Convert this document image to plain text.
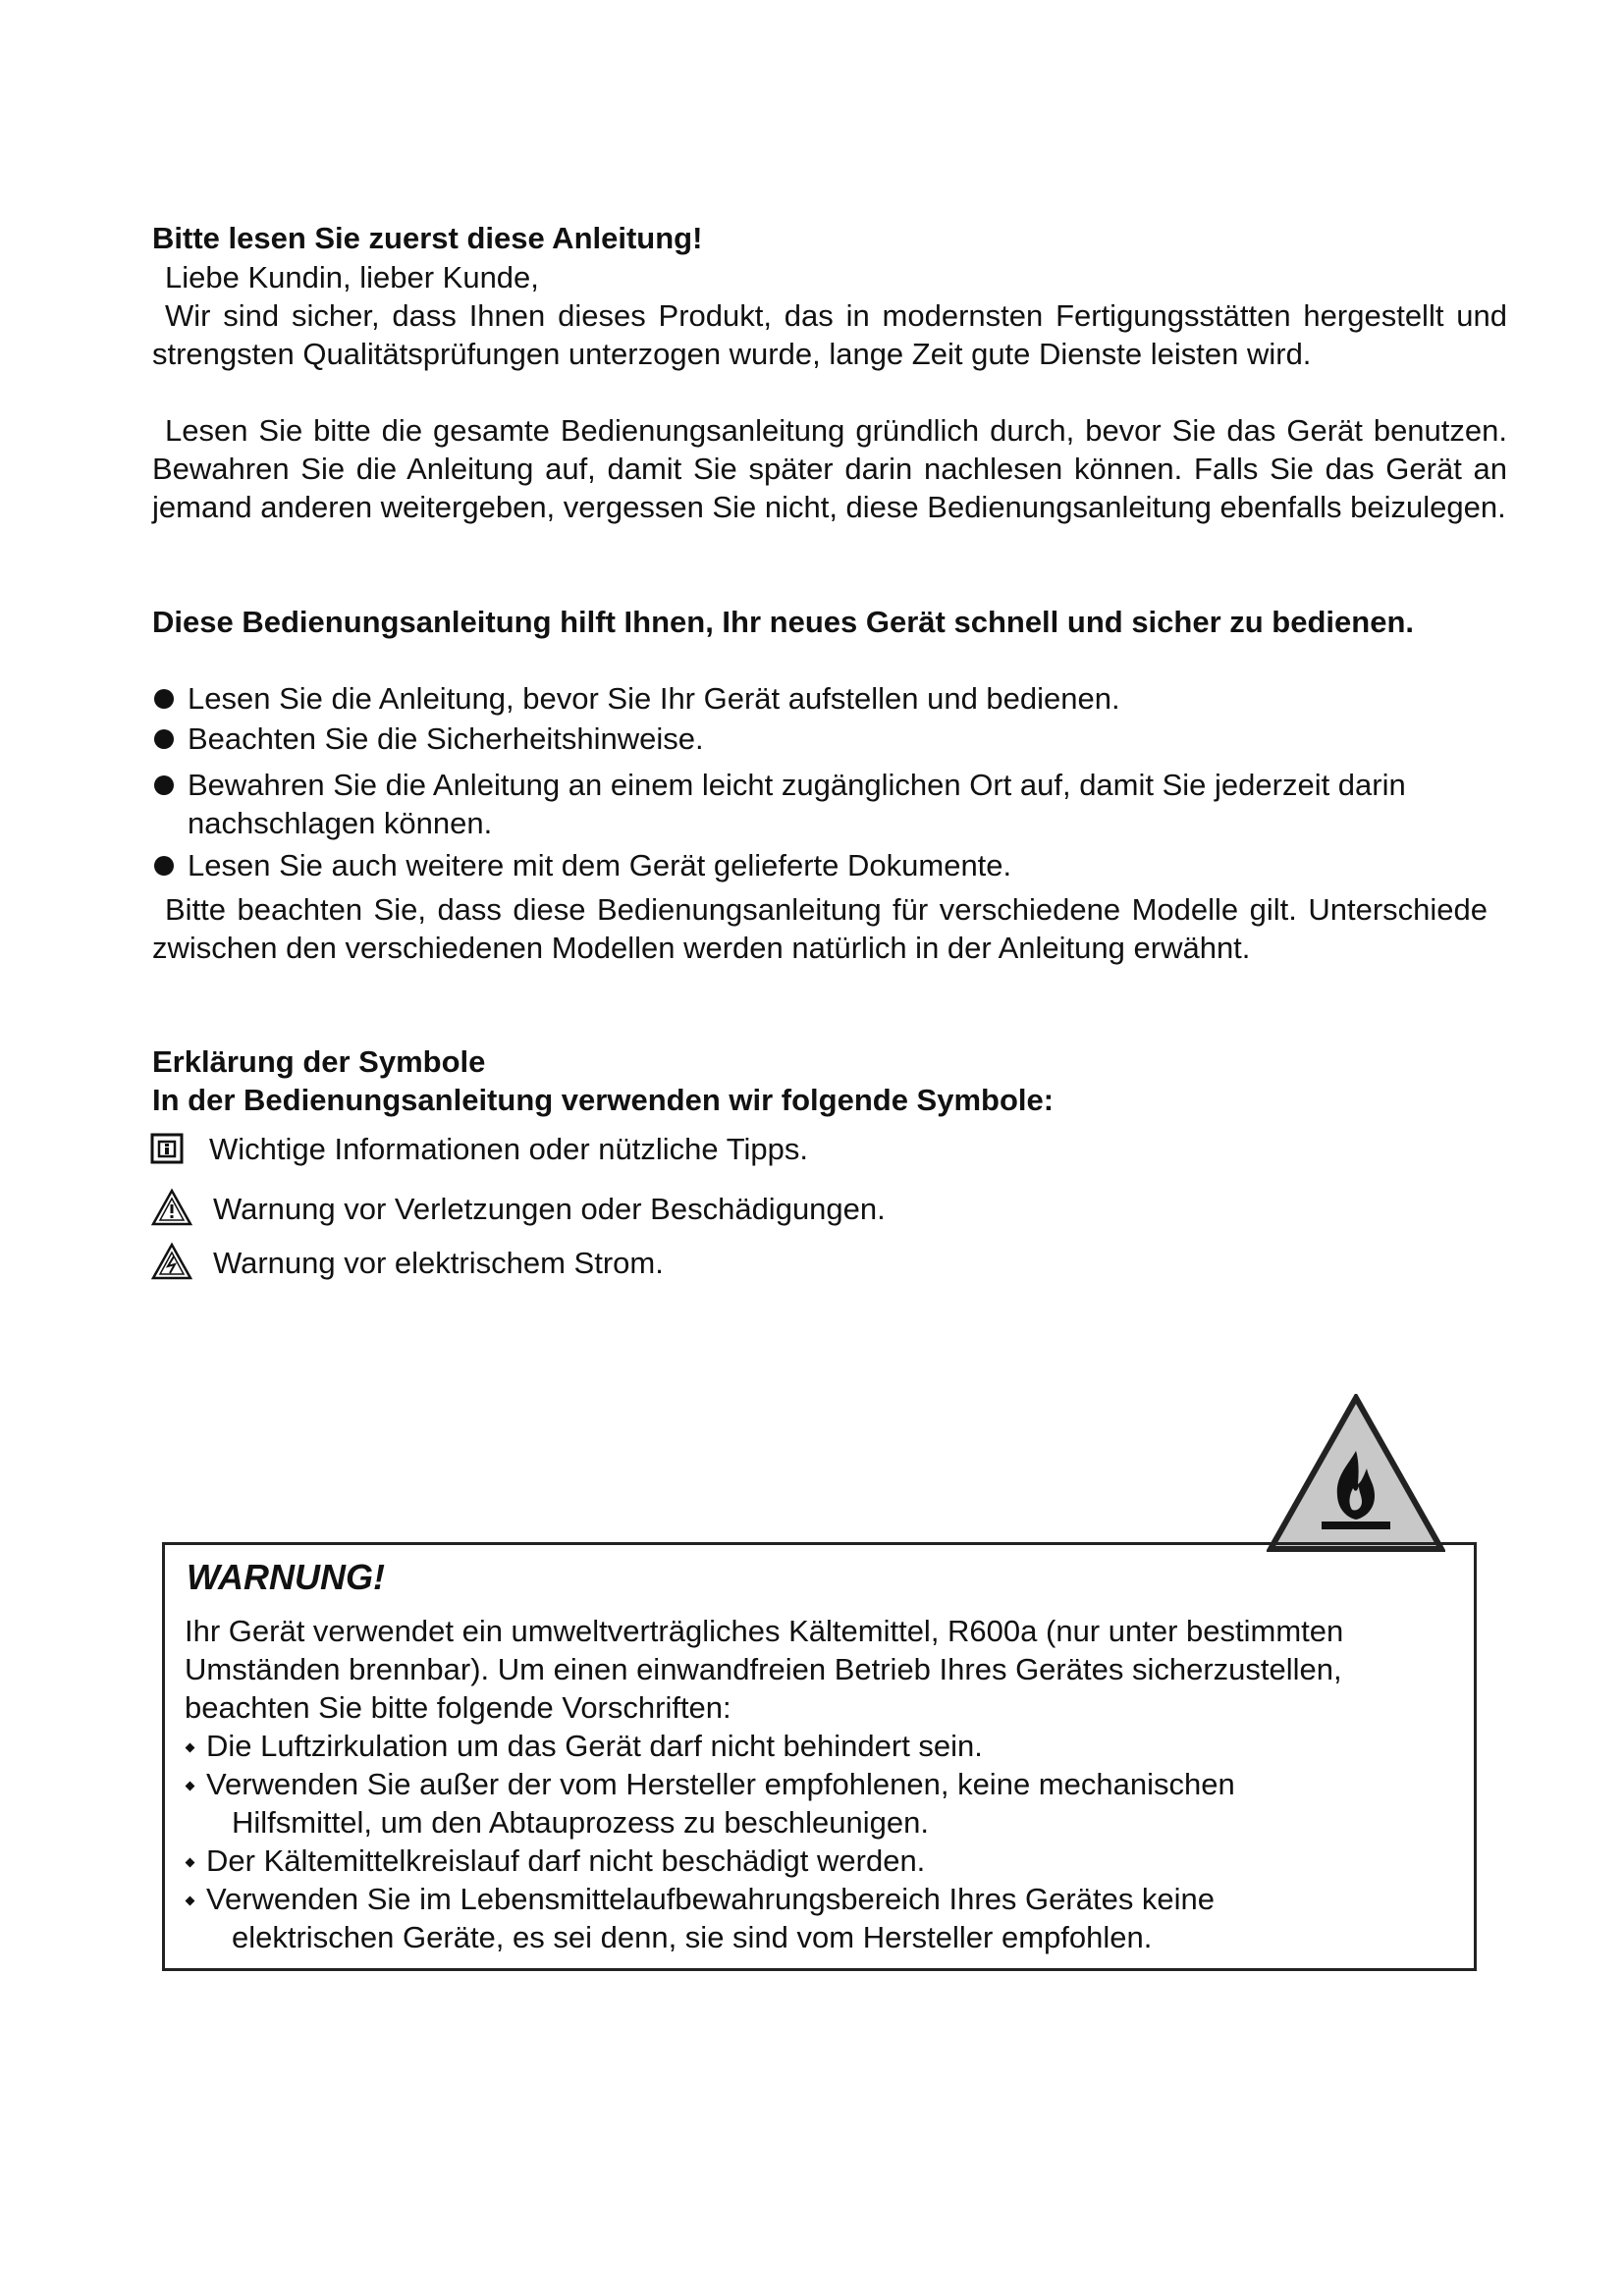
Bitte lesen Sie zuerst diese Anleitung!
Liebe Kundin, lieber Kunde,
Wir sind sicher, dass Ihnen dieses Produkt, das in modernsten Fertigungsstätten hergestellt und strengsten Qualitätsprüfungen unterzogen wurde, lange Zeit gute Dienste leisten wird.
Lesen Sie bitte die gesamte Bedienungsanleitung gründlich durch, bevor Sie das Gerät benutzen. Bewahren Sie die Anleitung auf, damit Sie später darin nachlesen können. Falls Sie das Gerät an jemand anderen weitergeben, vergessen Sie nicht, diese Bedienungsanleitung ebenfalls beizulegen.
Diese Bedienungsanleitung hilft Ihnen, Ihr neues Gerät schnell und sicher zu bedienen.
Lesen Sie die Anleitung, bevor Sie Ihr Gerät aufstellen und bedienen.
Beachten Sie die Sicherheitshinweise.
Bewahren Sie die Anleitung an einem leicht zugänglichen Ort auf, damit Sie jederzeit darin nachschlagen können.
Lesen Sie auch weitere mit dem Gerät gelieferte Dokumente.
Bitte beachten Sie, dass diese Bedienungsanleitung für verschiedene Modelle gilt. Unterschiede zwischen den verschiedenen Modellen werden natürlich in der Anleitung erwähnt.
Erklärung der Symbole
In der Bedienungsanleitung verwenden wir folgende Symbole:
Wichtige Informationen oder nützliche Tipps.
Warnung vor Verletzungen oder Beschädigungen.
Warnung vor elektrischem Strom.
WARNUNG!
Ihr Gerät verwendet ein umweltverträgliches Kältemittel, R600a (nur unter bestimmten Umständen brennbar). Um einen einwandfreien Betrieb Ihres Gerätes sicherzustellen, beachten Sie bitte folgende Vorschriften:
Die Luftzirkulation um das Gerät darf nicht behindert sein.
Verwenden Sie außer der vom Hersteller empfohlenen, keine mechanischen
Hilfsmittel, um den Abtauprozess zu beschleunigen.
Der Kältemittelkreislauf darf nicht beschädigt werden.
Verwenden Sie im Lebensmittelaufbewahrungsbereich Ihres Gerätes keine
elektrischen Geräte, es sei denn, sie sind vom Hersteller empfohlen.
